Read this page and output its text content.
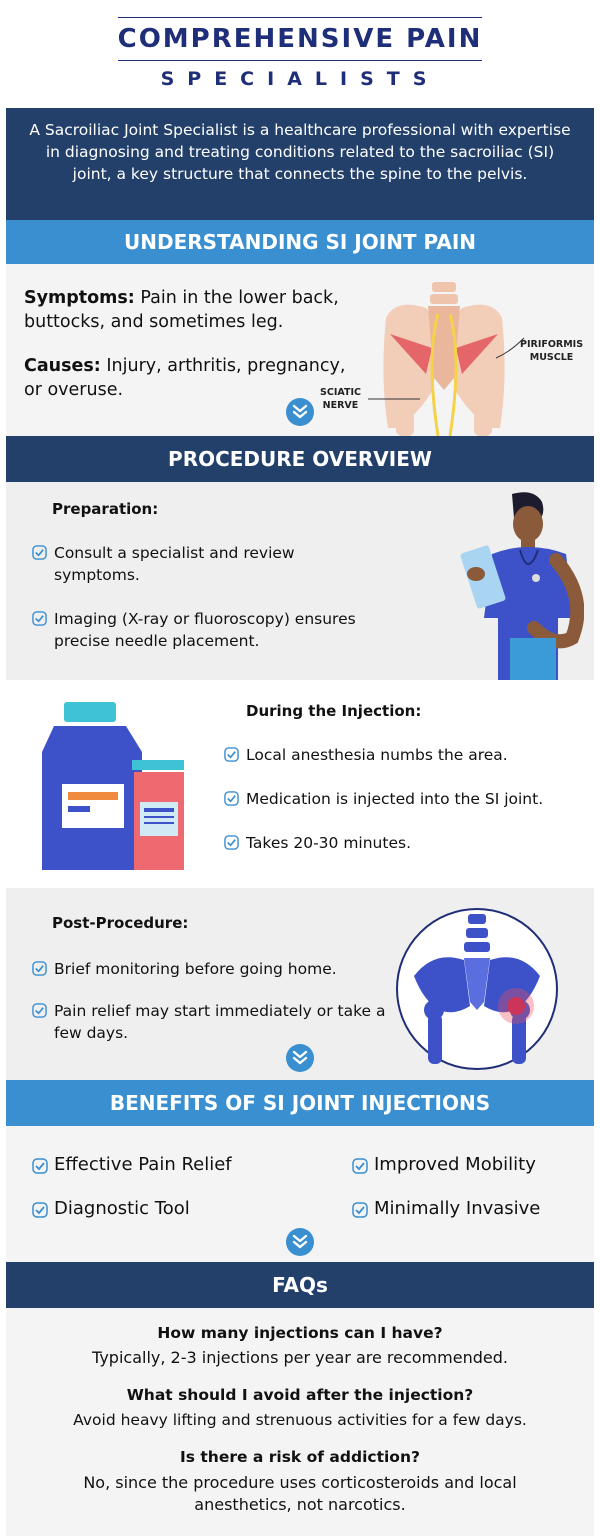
COMPREHENSIVE PAIN
SPECIALISTS
A Sacroiliac Joint Specialist is a healthcare professional with expertise in diagnosing and treating conditions related to the sacroiliac (SI) joint, a key structure that connects the spine to the pelvis.
UNDERSTANDING SI JOINT PAIN
Symptoms: Pain in the lower back, buttocks, and sometimes leg.
Causes: Injury, arthritis, pregnancy, or overuse.
PIRIFORMIS
MUSCLE
SCIATIC
NERVE
PROCEDURE OVERVIEW
Preparation:
Consult a specialist and review symptoms.
Imaging (X-ray or fluoroscopy) ensures precise needle placement.
During the Injection:
Local anesthesia numbs the area.
Medication is injected into the SI joint.
Takes 20-30 minutes.
Post-Procedure:
Brief monitoring before going home.
Pain relief may start immediately or take a few days.
BENEFITS OF SI JOINT INJECTIONS
Effective Pain Relief	Improved Mobility
Diagnostic Tool	Minimally Invasive
FAQs
How many injections can I have?
Typically, 2-3 injections per year are recommended.
What should I avoid after the injection?
Avoid heavy lifting and strenuous activities for a few days.
Is there a risk of addiction?
No, since the procedure uses corticosteroids and local anesthetics, not narcotics.
